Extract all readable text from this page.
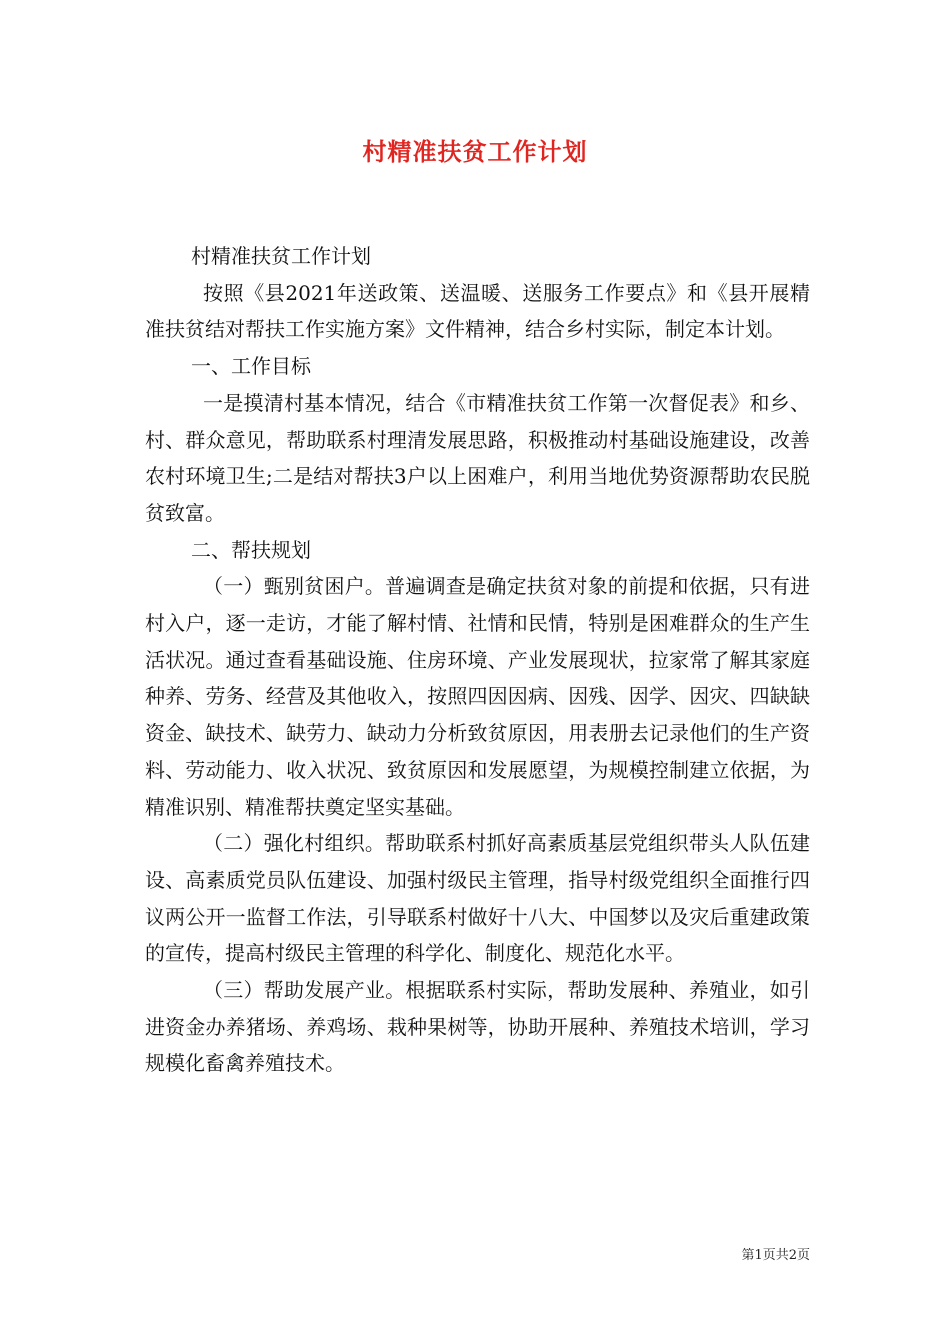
村精准扶贫工作计划

村精准扶贫工作计划

按照《县2021年送政策、送温暖、送服务工作要点》和《县开展精准扶贫结对帮扶工作实施方案》文件精神，结合乡村实际，制定本计划。

一、工作目标

一是摸清村基本情况，结合《市精准扶贫工作第一次督促表》和乡、村、群众意见，帮助联系村理清发展思路，积极推动村基础设施建设，改善农村环境卫生;二是结对帮扶3户以上困难户，利用当地优势资源帮助农民脱贫致富。

二、帮扶规划

（一）甄别贫困户。普遍调查是确定扶贫对象的前提和依据，只有进村入户，逐一走访，才能了解村情、社情和民情，特别是困难群众的生产生活状况。通过查看基础设施、住房环境、产业发展现状，拉家常了解其家庭种养、劳务、经营及其他收入，按照四因因病、因残、因学、因灾、四缺缺资金、缺技术、缺劳力、缺动力分析致贫原因，用表册去记录他们的生产资料、劳动能力、收入状况、致贫原因和发展愿望，为规模控制建立依据，为精准识别、精准帮扶奠定坚实基础。

（二）强化村组织。帮助联系村抓好高素质基层党组织带头人队伍建设、高素质党员队伍建设、加强村级民主管理，指导村级党组织全面推行四议两公开一监督工作法，引导联系村做好十八大、中国梦以及灾后重建政策的宣传，提高村级民主管理的科学化、制度化、规范化水平。

（三）帮助发展产业。根据联系村实际，帮助发展种、养殖业，如引进资金办养猪场、养鸡场、栽种果树等，协助开展种、养殖技术培训，学习规模化畜禽养殖技术。

第1页共2页
